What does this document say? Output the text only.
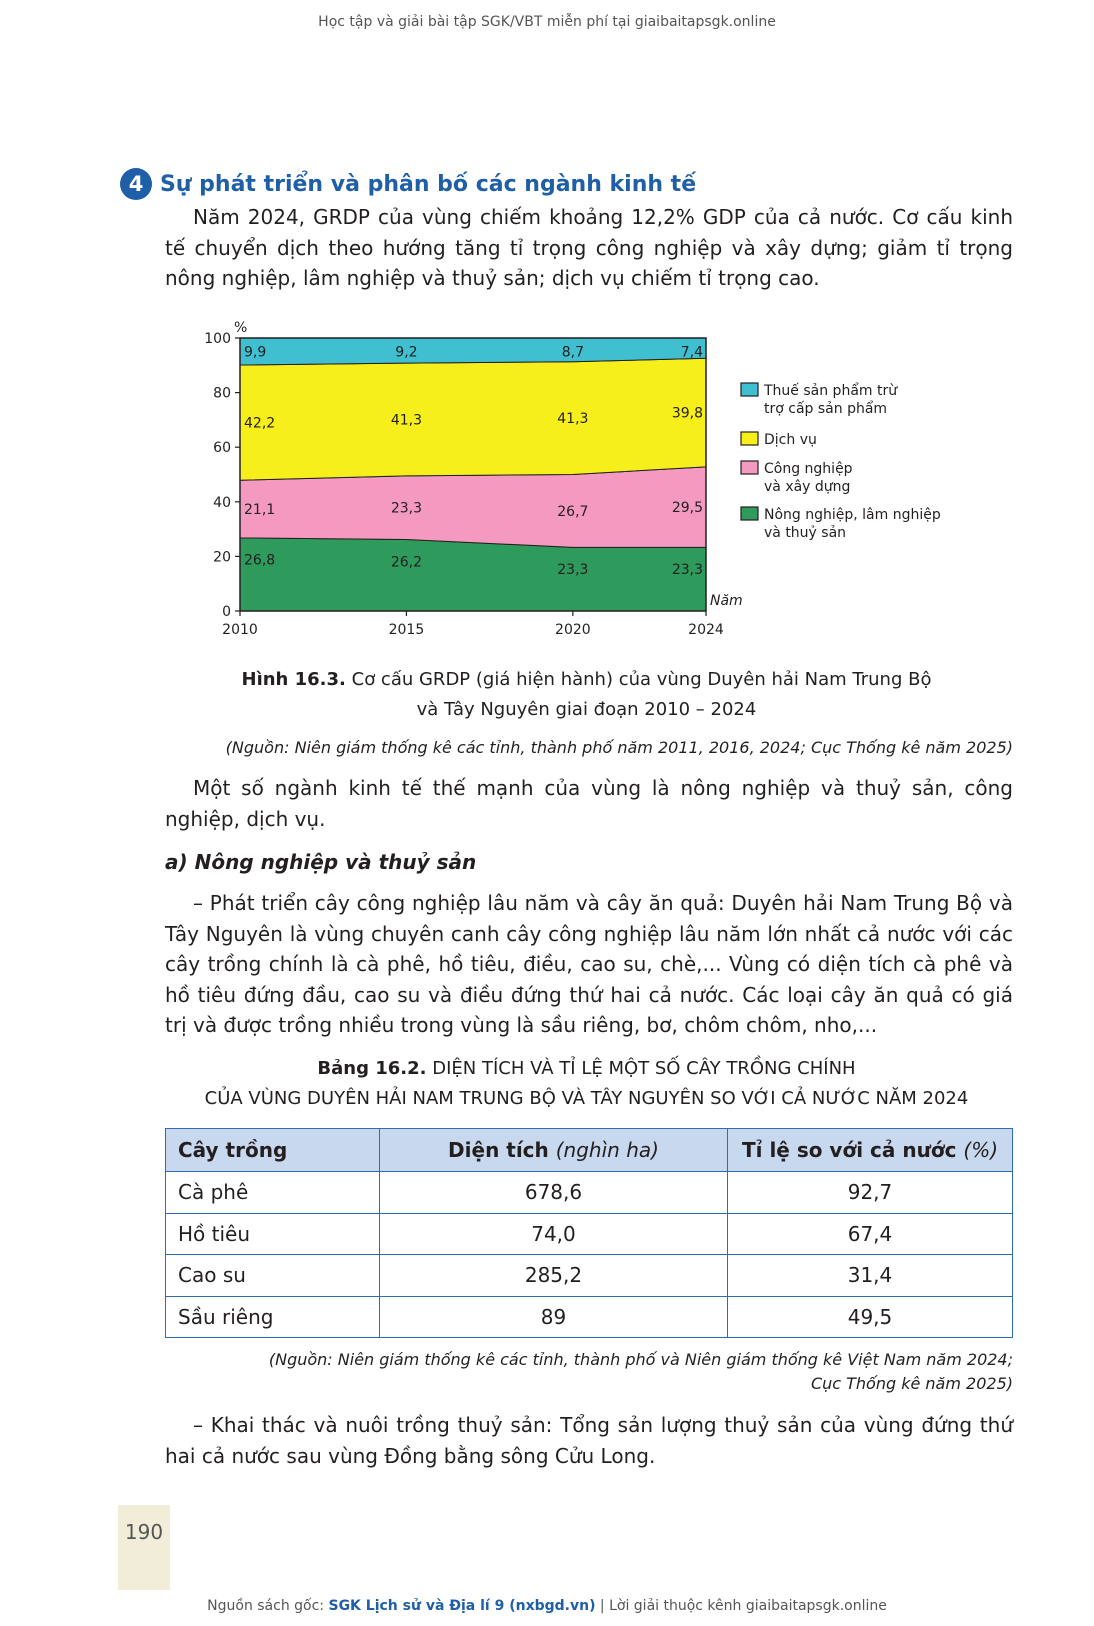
Học tập và giải bài tập SGK/VBT miễn phí tại giaibaitapsgk.online
4 Sự phát triển và phân bố các ngành kinh tế
Năm 2024, GRDP của vùng chiếm khoảng 12,2% GDP của cả nước. Cơ cấu kinh tế chuyển dịch theo hướng tăng tỉ trọng công nghiệp và xây dựng; giảm tỉ trọng nông nghiệp, lâm nghiệp và thuỷ sản; dịch vụ chiếm tỉ trọng cao.
0
20
40
60
80
100
%
2010	2015	2020	2024
Năm
26,8	26,2	23,3	23,3
21,1	23,3	26,7	29,5
42,2	41,3	41,3	39,8
9,9	9,2	8,7	7,4
Thuế sản phẩm trừ
trợ cấp sản phẩm
Dịch vụ
Công nghiệp
và xây dựng
Nông nghiệp, lâm nghiệp
và thuỷ sản
Hình 16.3. Cơ cấu GRDP (giá hiện hành) của vùng Duyên hải Nam Trung Bộ
và Tây Nguyên giai đoạn 2010 – 2024
(Nguồn: Niên giám thống kê các tỉnh, thành phố năm 2011, 2016, 2024; Cục Thống kê năm 2025)
Một số ngành kinh tế thế mạnh của vùng là nông nghiệp và thuỷ sản, công nghiệp, dịch vụ.
a) Nông nghiệp và thuỷ sản
– Phát triển cây công nghiệp lâu năm và cây ăn quả: Duyên hải Nam Trung Bộ và Tây Nguyên là vùng chuyên canh cây công nghiệp lâu năm lớn nhất cả nước với các cây trồng chính là cà phê, hồ tiêu, điều, cao su, chè,... Vùng có diện tích cà phê và hồ tiêu đứng đầu, cao su và điều đứng thứ hai cả nước. Các loại cây ăn quả có giá trị và được trồng nhiều trong vùng là sầu riêng, bơ, chôm chôm, nho,...
Bảng 16.2. DIỆN TÍCH VÀ TỈ LỆ MỘT SỐ CÂY TRỒNG CHÍNH
CỦA VÙNG DUYÊN HẢI NAM TRUNG BỘ VÀ TÂY NGUYÊN SO VỚI CẢ NƯỚC NĂM 2024
Cây trồng	Diện tích (nghìn ha)	Tỉ lệ so với cả nước (%)
Cà phê	678,6	92,7
Hồ tiêu	74,0	67,4
Cao su	285,2	31,4
Sầu riêng	89	49,5
(Nguồn: Niên giám thống kê các tỉnh, thành phố và Niên giám thống kê Việt Nam năm 2024;
Cục Thống kê năm 2025)
– Khai thác và nuôi trồng thuỷ sản: Tổng sản lượng thuỷ sản của vùng đứng thứ hai cả nước sau vùng Đồng bằng sông Cửu Long.
190
Nguồn sách gốc: SGK Lịch sử và Địa lí 9 (nxbgd.vn) | Lời giải thuộc kênh giaibaitapsgk.online
